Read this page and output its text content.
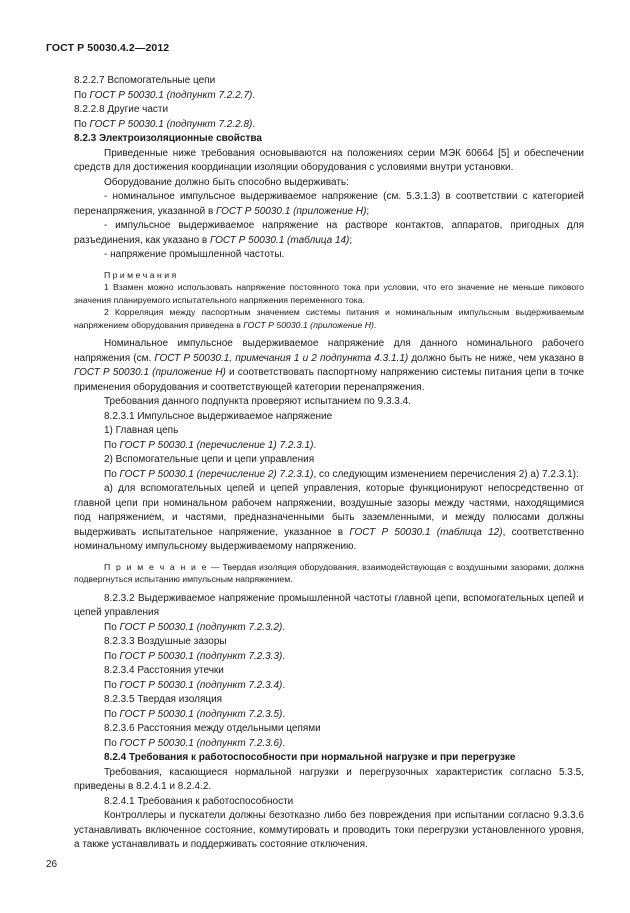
ГОСТ Р 50030.4.2—2012

8.2.2.7 Вспомогательные цепи

По ГОСТ Р 50030.1 (подпункт 7.2.2.7).

8.2.2.8 Другие части

По ГОСТ Р 50030.1 (подпункт 7.2.2.8).

8.2.3 Электроизоляционные свойства

Приведенные ниже требования основываются на положениях серии МЭК 60664 [5] и обеспечении средств для достижения координации изоляции оборудования с условиями внутри установки.

Оборудование должно быть способно выдерживать:

- номинальное импульсное выдерживаемое напряжение (см. 5.3.1.3) в соответствии с категорией перенапряжения, указанной в ГОСТ Р 50030.1 (приложение Н);

- импульсное выдерживаемое напряжение на растворе контактов, аппаратов, пригодных для разъединения, как указано в ГОСТ Р 50030.1 (таблица 14);

- напряжение промышленной частоты.

П р и м е ч а н и я

1 Взамен можно использовать напряжение постоянного тока при условии, что его значение не меньше пикового значения планируемого испытательного напряжения переменного тока.

2 Корреляция между паспортным значением системы питания и номинальным импульсным выдерживаемым напряжением оборудования приведена в ГОСТ Р 50030.1 (приложение Н).

Номинальное импульсное выдерживаемое напряжение для данного номинального рабочего напряжения (см. ГОСТ Р 50030.1, примечания 1 и 2 подпункта 4.3.1.1) должно быть не ниже, чем указано в ГОСТ Р 50030.1 (приложение Н) и соответствовать паспортному напряжению системы питания цепи в точке применения оборудования и соответствующей категории перенапряжения.

Требования данного подпункта проверяют испытанием по 9.3.3.4.

8.2.3.1 Импульсное выдерживаемое напряжение

1) Главная цепь

По ГОСТ Р 50030.1 (перечисление 1) 7.2.3.1).

2) Вспомогательные цепи и цепи управления

По ГОСТ Р 50030.1 (перечисление 2) 7.2.3.1), со следующим изменением перечисления 2) а) 7.2.3.1):

а) для вспомогательных цепей и цепей управления, которые функционируют непосредственно от главной цепи при номинальном рабочем напряжении, воздушные зазоры между частями, находящимися под напряжением, и частями, предназначенными быть заземленными, и между полюсами должны выдерживать испытательное напряжение, указанное в ГОСТ Р 50030.1 (таблица 12), соответственно номинальному импульсному выдерживаемому напряжению.

П р и м е ч а н и е — Твердая изоляция оборудования, взаимодействующая с воздушными зазорами, должна подвергнуться испытанию импульсным напряжением.

8.2.3.2 Выдерживаемое напряжение промышленной частоты главной цепи, вспомогательных цепей и цепей управления

По ГОСТ Р 50030.1 (подпункт 7.2.3.2).

8.2.3.3 Воздушные зазоры

По ГОСТ Р 50030.1 (подпункт 7.2.3.3).

8.2.3.4 Расстояния утечки

По ГОСТ Р 50030.1 (подпункт 7.2.3.4).

8.2.3.5 Твердая изоляция

По ГОСТ Р 50030.1 (подпункт 7.2.3.5).

8.2.3.6 Расстояния между отдельными цепями

По ГОСТ Р 50030.1 (подпункт 7.2.3.6).

8.2.4 Требования к работоспособности при нормальной нагрузке и при перегрузке

Требования, касающиеся нормальной нагрузки и перегрузочных характеристик согласно 5.3.5, приведены в 8.2.4.1 и 8.2.4.2.

8.2.4.1 Требования к работоспособности

Контроллеры и пускатели должны безотказно либо без повреждения при испытании согласно 9.3.3.6 устанавливать включенное состояние, коммутировать и проводить токи перегрузки установленного уровня, а также устанавливать и поддерживать состояние отключения.

26
